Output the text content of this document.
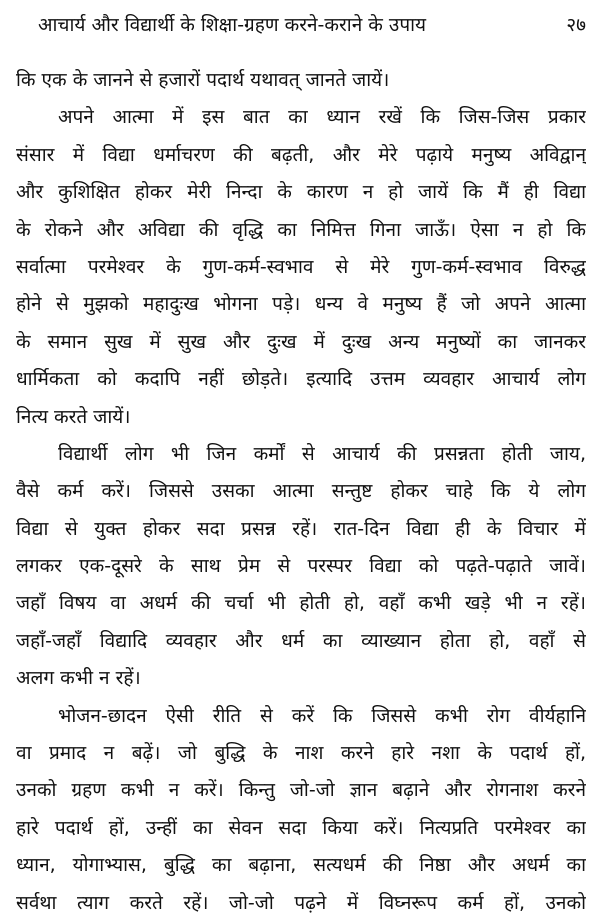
आचार्य और विद्यार्थी के शिक्षा-ग्रहण करने-कराने के उपाय	२७
कि एक के जानने से हजारों पदार्थ यथावत् जानते जायें।
अपने आत्मा में इस बात का ध्यान रखें कि जिस-जिस प्रकार
संसार में विद्या धर्माचरण की बढ़ती, और मेरे पढ़ाये मनुष्य अविद्वान्
और कुशिक्षित होकर मेरी निन्दा के कारण न हो जायें कि मैं ही विद्या
के रोकने और अविद्या की वृद्धि का निमित्त गिना जाऊँ। ऐसा न हो कि
सर्वात्मा परमेश्वर के गुण-कर्म-स्वभाव से मेरे गुण-कर्म-स्वभाव विरुद्ध
होने से मुझको महादुःख भोगना पड़े। धन्य वे मनुष्य हैं जो अपने आत्मा
के समान सुख में सुख और दुःख में दुःख अन्य मनुष्यों का जानकर
धार्मिकता को कदापि नहीं छोड़ते। इत्यादि उत्तम व्यवहार आचार्य लोग
नित्य करते जायें।
विद्यार्थी लोग भी जिन कर्मों से आचार्य की प्रसन्नता होती जाय,
वैसे कर्म करें। जिससे उसका आत्मा सन्तुष्ट होकर चाहे कि ये लोग
विद्या से युक्त होकर सदा प्रसन्न रहें। रात-दिन विद्या ही के विचार में
लगकर एक-दूसरे के साथ प्रेम से परस्पर विद्या को पढ़ते-पढ़ाते जावें।
जहाँ विषय वा अधर्म की चर्चा भी होती हो, वहाँ कभी खड़े भी न रहें।
जहाँ-जहाँ विद्यादि व्यवहार और धर्म का व्याख्यान होता हो, वहाँ से
अलग कभी न रहें।
भोजन-छादन ऐसी रीति से करें कि जिससे कभी रोग वीर्यहानि
वा प्रमाद न बढ़ें। जो बुद्धि के नाश करने हारे नशा के पदार्थ हों,
उनको ग्रहण कभी न करें। किन्तु जो-जो ज्ञान बढ़ाने और रोगनाश करने
हारे पदार्थ हों, उन्हीं का सेवन सदा किया करें। नित्यप्रति परमेश्वर का
ध्यान, योगाभ्यास, बुद्धि का बढ़ाना, सत्यधर्म की निष्ठा और अधर्म का
सर्वथा त्याग करते रहें। जो-जो पढ़ने में विघ्नरूप कर्म हों, उनको
